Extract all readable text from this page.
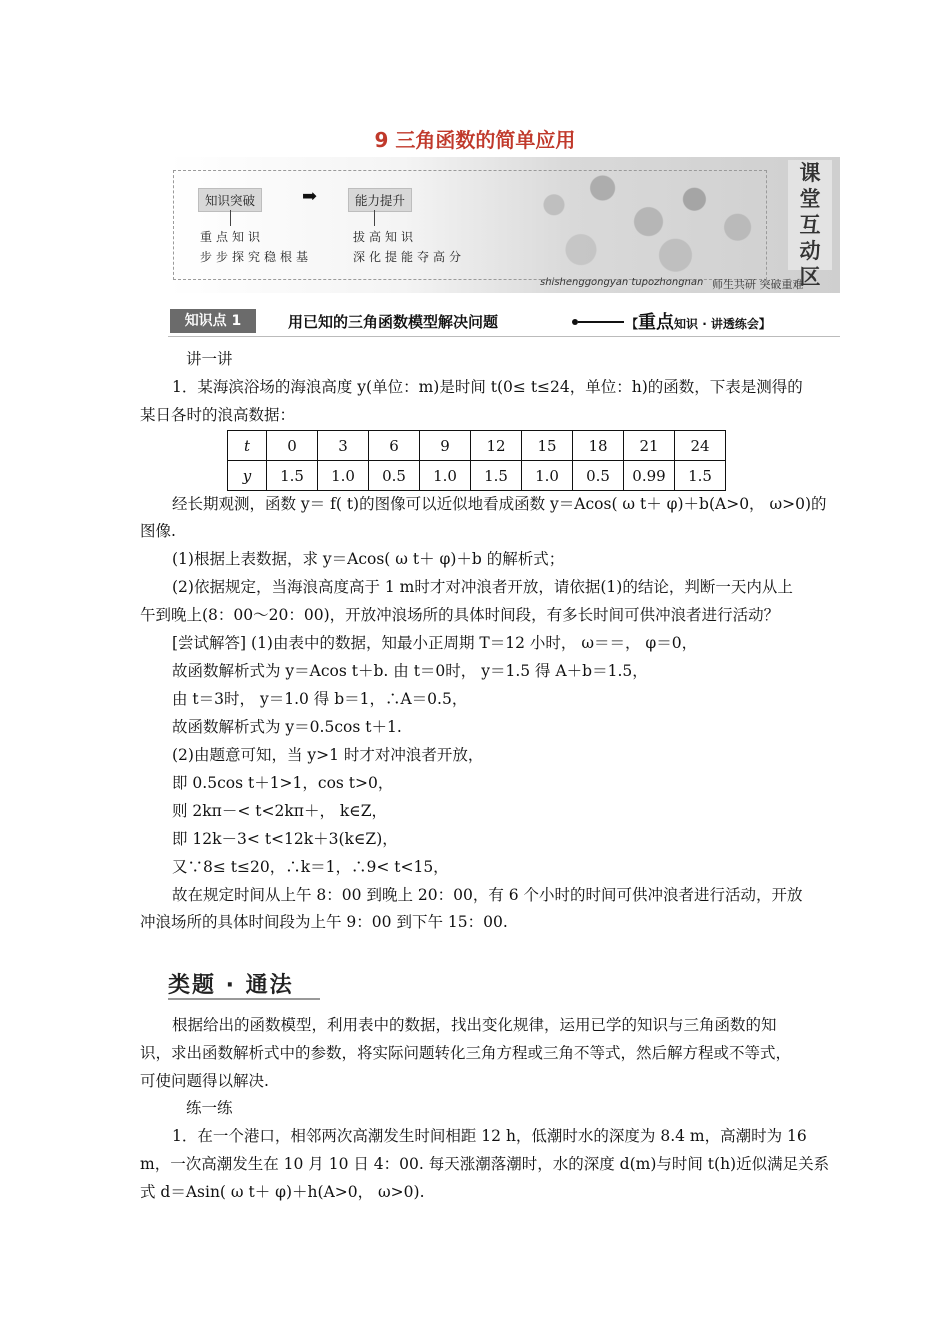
9 三角函数的简单应用
知识突破	➡	能力提升
重点知识
步步探究稳根基
拔高知识
深化提能夺高分
课
堂
互
动
区
shishenggongyan tupozhongnan 师生共研 突破重难
知识点 1	用已知的三角函数模型解决问题	【重点知识 · 讲透练会】
讲一讲
1．某海滨浴场的海浪高度 y(单位：m)是时间 t(0≤ t≤24，单位：h)的函数，下表是测得的
某日各时的浪高数据：
t	0	3	6	9	12	15	18	21	24
y	1.5	1.0	0.5	1.0	1.5	1.0	0.5	0.99	1.5
经长期观测，函数 y＝ f( t)的图像可以近似地看成函数 y＝Acos( ω t＋ φ)＋b(A>0， ω>0)的
图像.
(1)根据上表数据，求 y＝Acos( ω t＋ φ)＋b 的解析式；
(2)依据规定，当海浪高度高于 1 m时才对冲浪者开放，请依据(1)的结论，判断一天内从上
午到晚上(8：00～20：00)，开放冲浪场所的具体时间段，有多长时间可供冲浪者进行活动？
[尝试解答] (1)由表中的数据，知最小正周期 T＝12 小时， ω＝＝， φ＝0，
故函数解析式为 y＝Acos t＋b. 由 t＝0时， y＝1.5 得 A＋b＝1.5，
由 t＝3时， y＝1.0 得 b＝1，∴A＝0.5，
故函数解析式为 y＝0.5cos t＋1.
(2)由题意可知，当 y>1 时才对冲浪者开放，
即 0.5cos t＋1>1，cos t>0，
则 2kπ－< t<2kπ＋， k∈Z，
即 12k－3< t<12k＋3(k∈Z)，
又∵8≤ t≤20，∴k＝1，∴9< t<15，
故在规定时间从上午 8：00 到晚上 20：00，有 6 个小时的时间可供冲浪者进行活动，开放
冲浪场所的具体时间段为上午 9：00 到下午 15：00.
类题 · 通法
根据给出的函数模型，利用表中的数据，找出变化规律，运用已学的知识与三角函数的知
识，求出函数解析式中的参数，将实际问题转化三角方程或三角不等式，然后解方程或不等式，
可使问题得以解决.
练一练
1．在一个港口，相邻两次高潮发生时间相距 12 h，低潮时水的深度为 8.4 m，高潮时为 16
m，一次高潮发生在 10 月 10 日 4：00. 每天涨潮落潮时，水的深度 d(m)与时间 t(h)近似满足关系
式 d＝Asin( ω t＋ φ)＋h(A>0， ω>0).
